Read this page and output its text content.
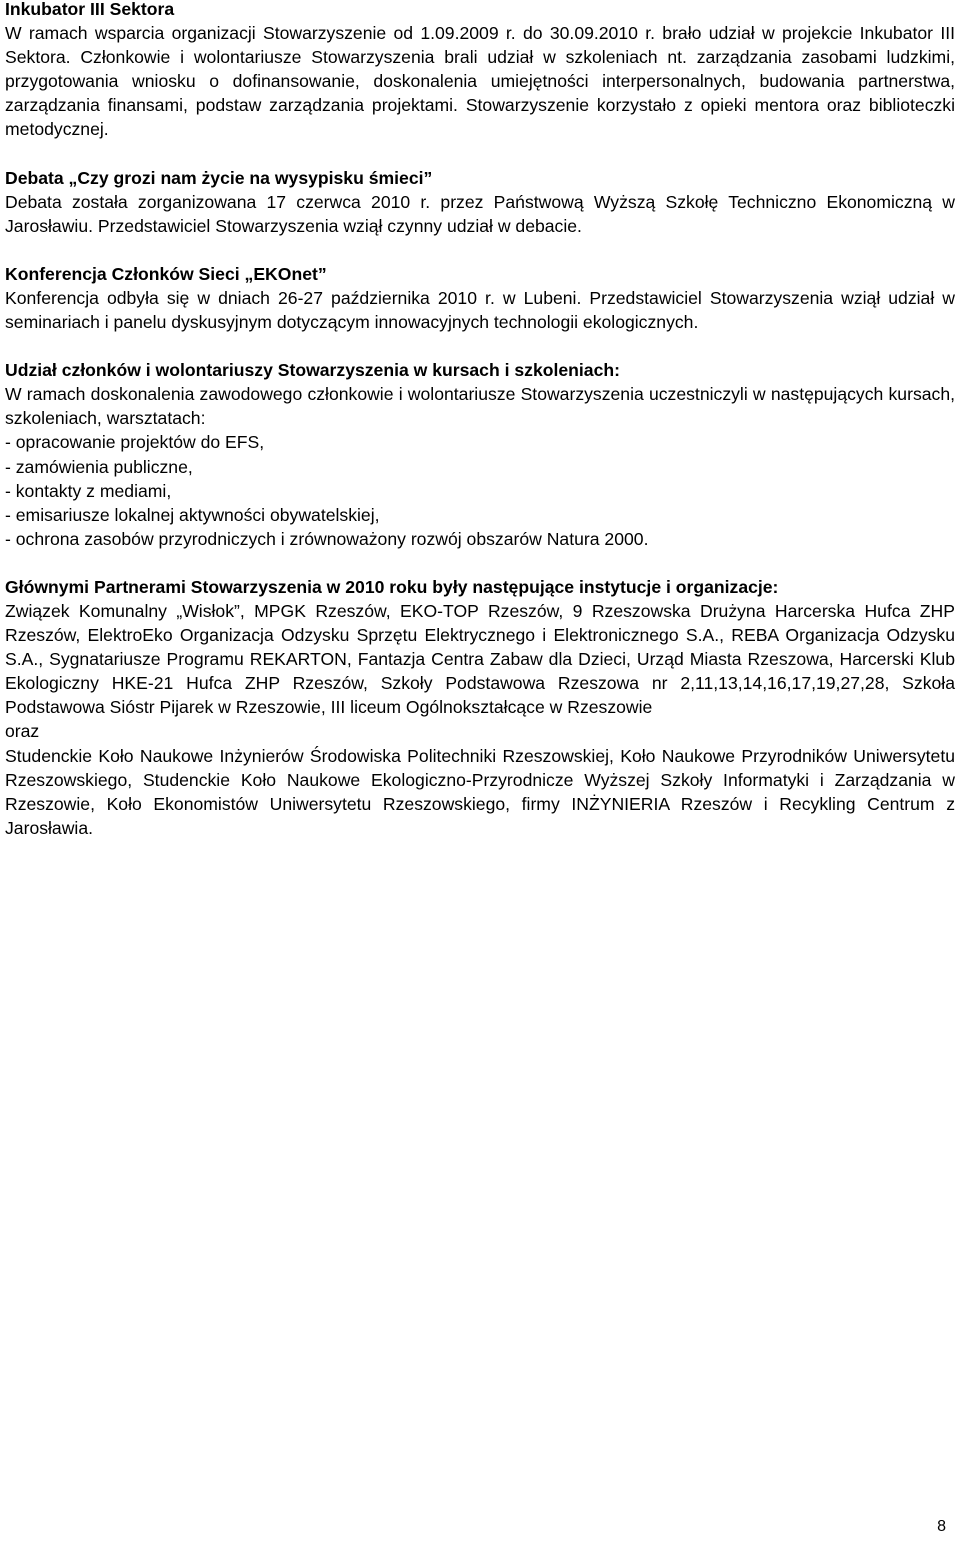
Inkubator III Sektora

W ramach wsparcia organizacji Stowarzyszenie od 1.09.2009 r. do 30.09.2010 r. brało udział w projekcie Inkubator III Sektora. Członkowie i wolontariusze Stowarzyszenia brali udział w szkoleniach nt. zarządzania zasobami ludzkimi, przygotowania wniosku o dofinansowanie, doskonalenia umiejętności interpersonalnych, budowania partnerstwa, zarządzania finansami, podstaw zarządzania projektami. Stowarzyszenie korzystało z opieki mentora oraz biblioteczki metodycznej.

Debata „Czy grozi nam życie na wysypisku śmieci”

Debata została zorganizowana 17 czerwca 2010 r. przez Państwową Wyższą Szkołę Techniczno Ekonomiczną w Jarosławiu. Przedstawiciel Stowarzyszenia wziął czynny udział w debacie.

Konferencja Członków Sieci „EKOnet”

Konferencja odbyła się w dniach 26-27 października 2010 r. w Lubeni. Przedstawiciel Stowarzyszenia wziął udział w seminariach i panelu dyskusyjnym dotyczącym innowacyjnych technologii ekologicznych.

Udział członków i wolontariuszy Stowarzyszenia w kursach i szkoleniach:

W ramach doskonalenia zawodowego członkowie i wolontariusze Stowarzyszenia uczestniczyli w następujących kursach, szkoleniach, warsztatach:

- opracowanie projektów do EFS,
- zamówienia publiczne,
- kontakty z mediami,
- emisariusze lokalnej aktywności obywatelskiej,
- ochrona zasobów przyrodniczych i zrównoważony rozwój obszarów Natura 2000.
Głównymi Partnerami Stowarzyszenia w 2010 roku były następujące instytucje i organizacje:

Związek Komunalny „Wisłok”, MPGK Rzeszów, EKO-TOP Rzeszów, 9 Rzeszowska Drużyna Harcerska Hufca ZHP Rzeszów, ElektroEko Organizacja Odzysku Sprzętu Elektrycznego i Elektronicznego S.A., REBA Organizacja Odzysku S.A., Sygnatariusze Programu REKARTON, Fantazja Centra Zabaw dla Dzieci, Urząd Miasta Rzeszowa, Harcerski Klub Ekologiczny HKE-21 Hufca ZHP Rzeszów, Szkoły Podstawowa Rzeszowa nr 2,11,13,14,16,17,19,27,28, Szkoła Podstawowa Sióstr Pijarek w Rzeszowie, III liceum Ogólnokształcące w Rzeszowie

oraz

Studenckie Koło Naukowe Inżynierów Środowiska Politechniki Rzeszowskiej, Koło Naukowe Przyrodników Uniwersytetu Rzeszowskiego, Studenckie Koło Naukowe Ekologiczno-Przyrodnicze Wyższej Szkoły Informatyki i Zarządzania w Rzeszowie, Koło Ekonomistów Uniwersytetu Rzeszowskiego, firmy INŻYNIERIA Rzeszów i Recykling Centrum z Jarosławia.

8
